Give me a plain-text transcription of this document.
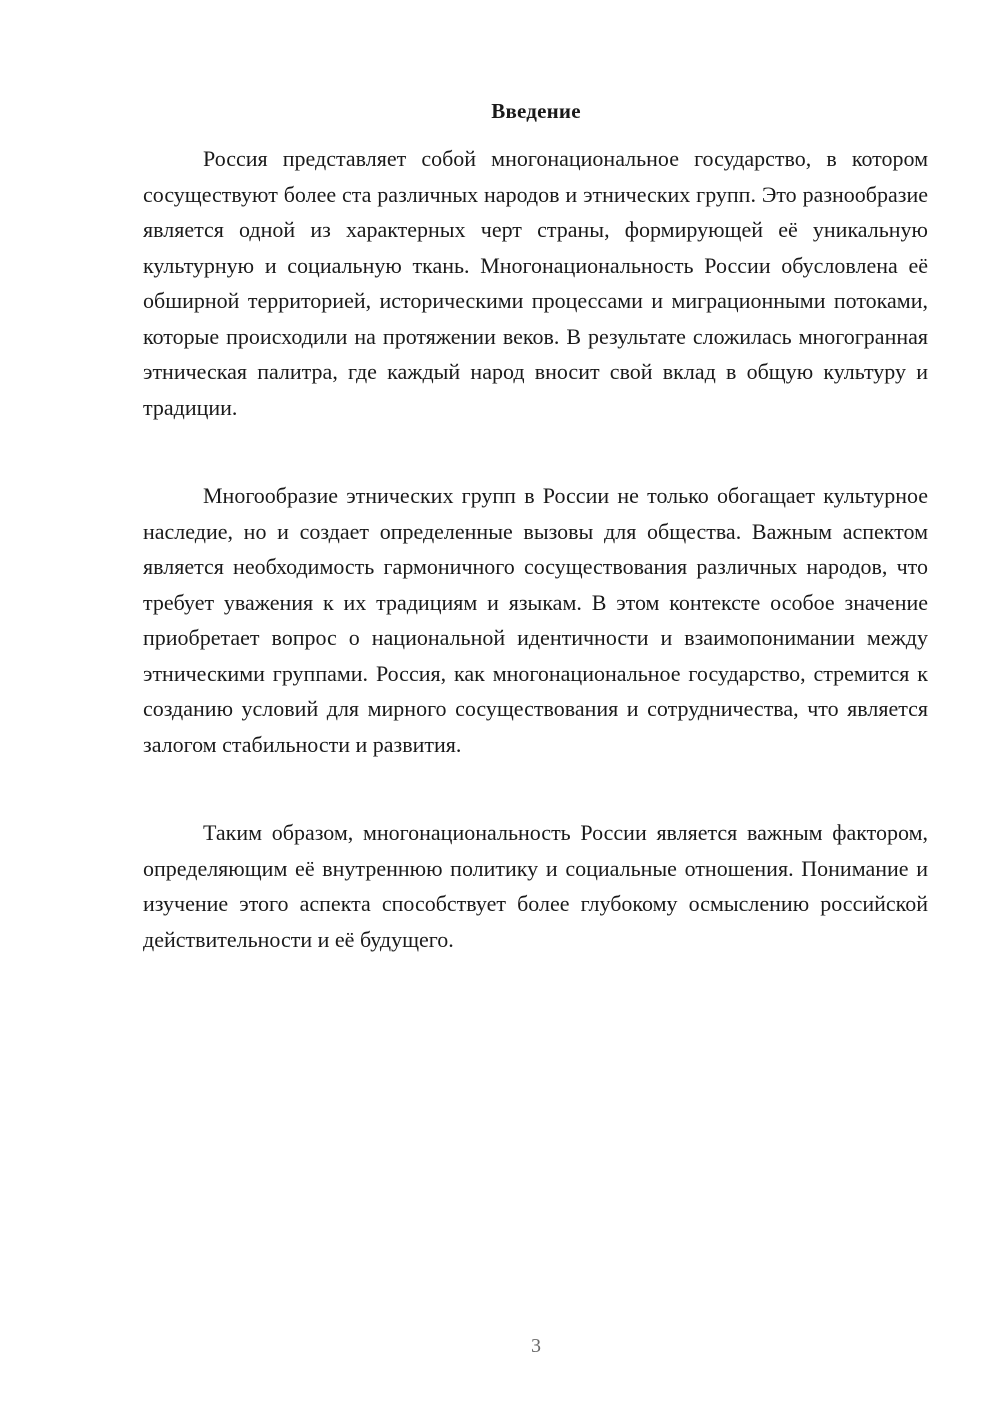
Введение

Россия представляет собой многонациональное государство, в котором сосуществуют более ста различных народов и этнических групп. Это разнообразие является одной из характерных черт страны, формирующей её уникальную культурную и социальную ткань. Многонациональность России обусловлена её обширной территорией, историческими процессами и миграционными потоками, которые происходили на протяжении веков. В результате сложилась многогранная этническая палитра, где каждый народ вносит свой вклад в общую культуру и традиции.

Многообразие этнических групп в России не только обогащает культурное наследие, но и создает определенные вызовы для общества. Важным аспектом является необходимость гармоничного сосуществования различных народов, что требует уважения к их традициям и языкам. В этом контексте особое значение приобретает вопрос о национальной идентичности и взаимопонимании между этническими группами. Россия, как многонациональное государство, стремится к созданию условий для мирного сосуществования и сотрудничества, что является залогом стабильности и развития.

Таким образом, многонациональность России является важным фактором, определяющим её внутреннюю политику и социальные отношения. Понимание и изучение этого аспекта способствует более глубокому осмыслению российской действительности и её будущего.

3
